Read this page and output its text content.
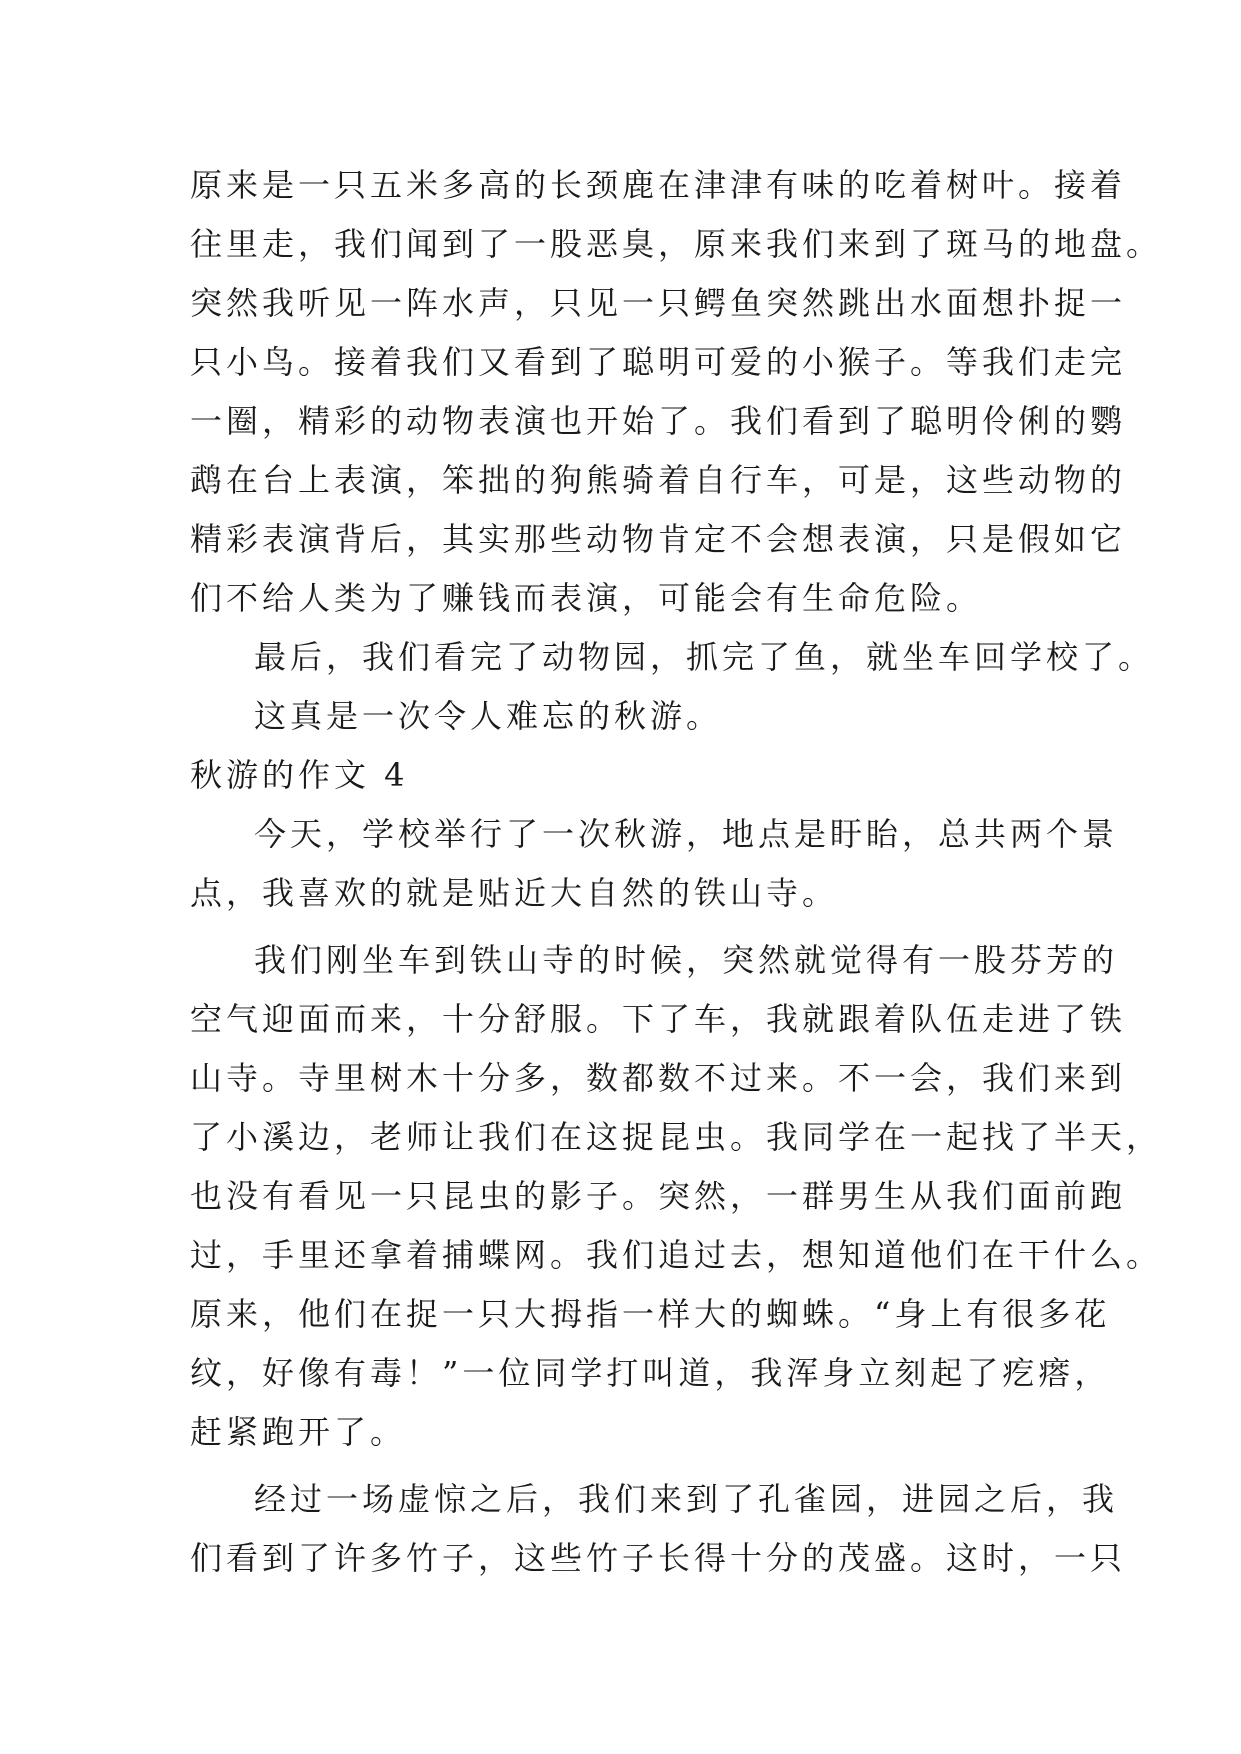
原来是一只五米多高的长颈鹿在津津有味的吃着树叶。接着
往里走，我们闻到了一股恶臭，原来我们来到了斑马的地盘。
突然我听见一阵水声，只见一只鳄鱼突然跳出水面想扑捉一
只小鸟。接着我们又看到了聪明可爱的小猴子。等我们走完
一圈，精彩的动物表演也开始了。我们看到了聪明伶俐的鹦
鹉在台上表演，笨拙的狗熊骑着自行车，可是，这些动物的
精彩表演背后，其实那些动物肯定不会想表演，只是假如它
们不给人类为了赚钱而表演，可能会有生命危险。
最后，我们看完了动物园，抓完了鱼，就坐车回学校了。
这真是一次令人难忘的秋游。
秋游的作文 4
今天，学校举行了一次秋游，地点是盱眙，总共两个景
点，我喜欢的就是贴近大自然的铁山寺。
我们刚坐车到铁山寺的时候，突然就觉得有一股芬芳的
空气迎面而来，十分舒服。下了车，我就跟着队伍走进了铁
山寺。寺里树木十分多，数都数不过来。不一会，我们来到
了小溪边，老师让我们在这捉昆虫。我同学在一起找了半天，
也没有看见一只昆虫的影子。突然，一群男生从我们面前跑
过，手里还拿着捕蝶网。我们追过去，想知道他们在干什么。
原来，他们在捉一只大拇指一样大的蜘蛛。“身上有很多花
纹，好像有毒！”一位同学打叫道，我浑身立刻起了疙瘩，
赶紧跑开了。
经过一场虚惊之后，我们来到了孔雀园，进园之后，我
们看到了许多竹子，这些竹子长得十分的茂盛。这时，一只
